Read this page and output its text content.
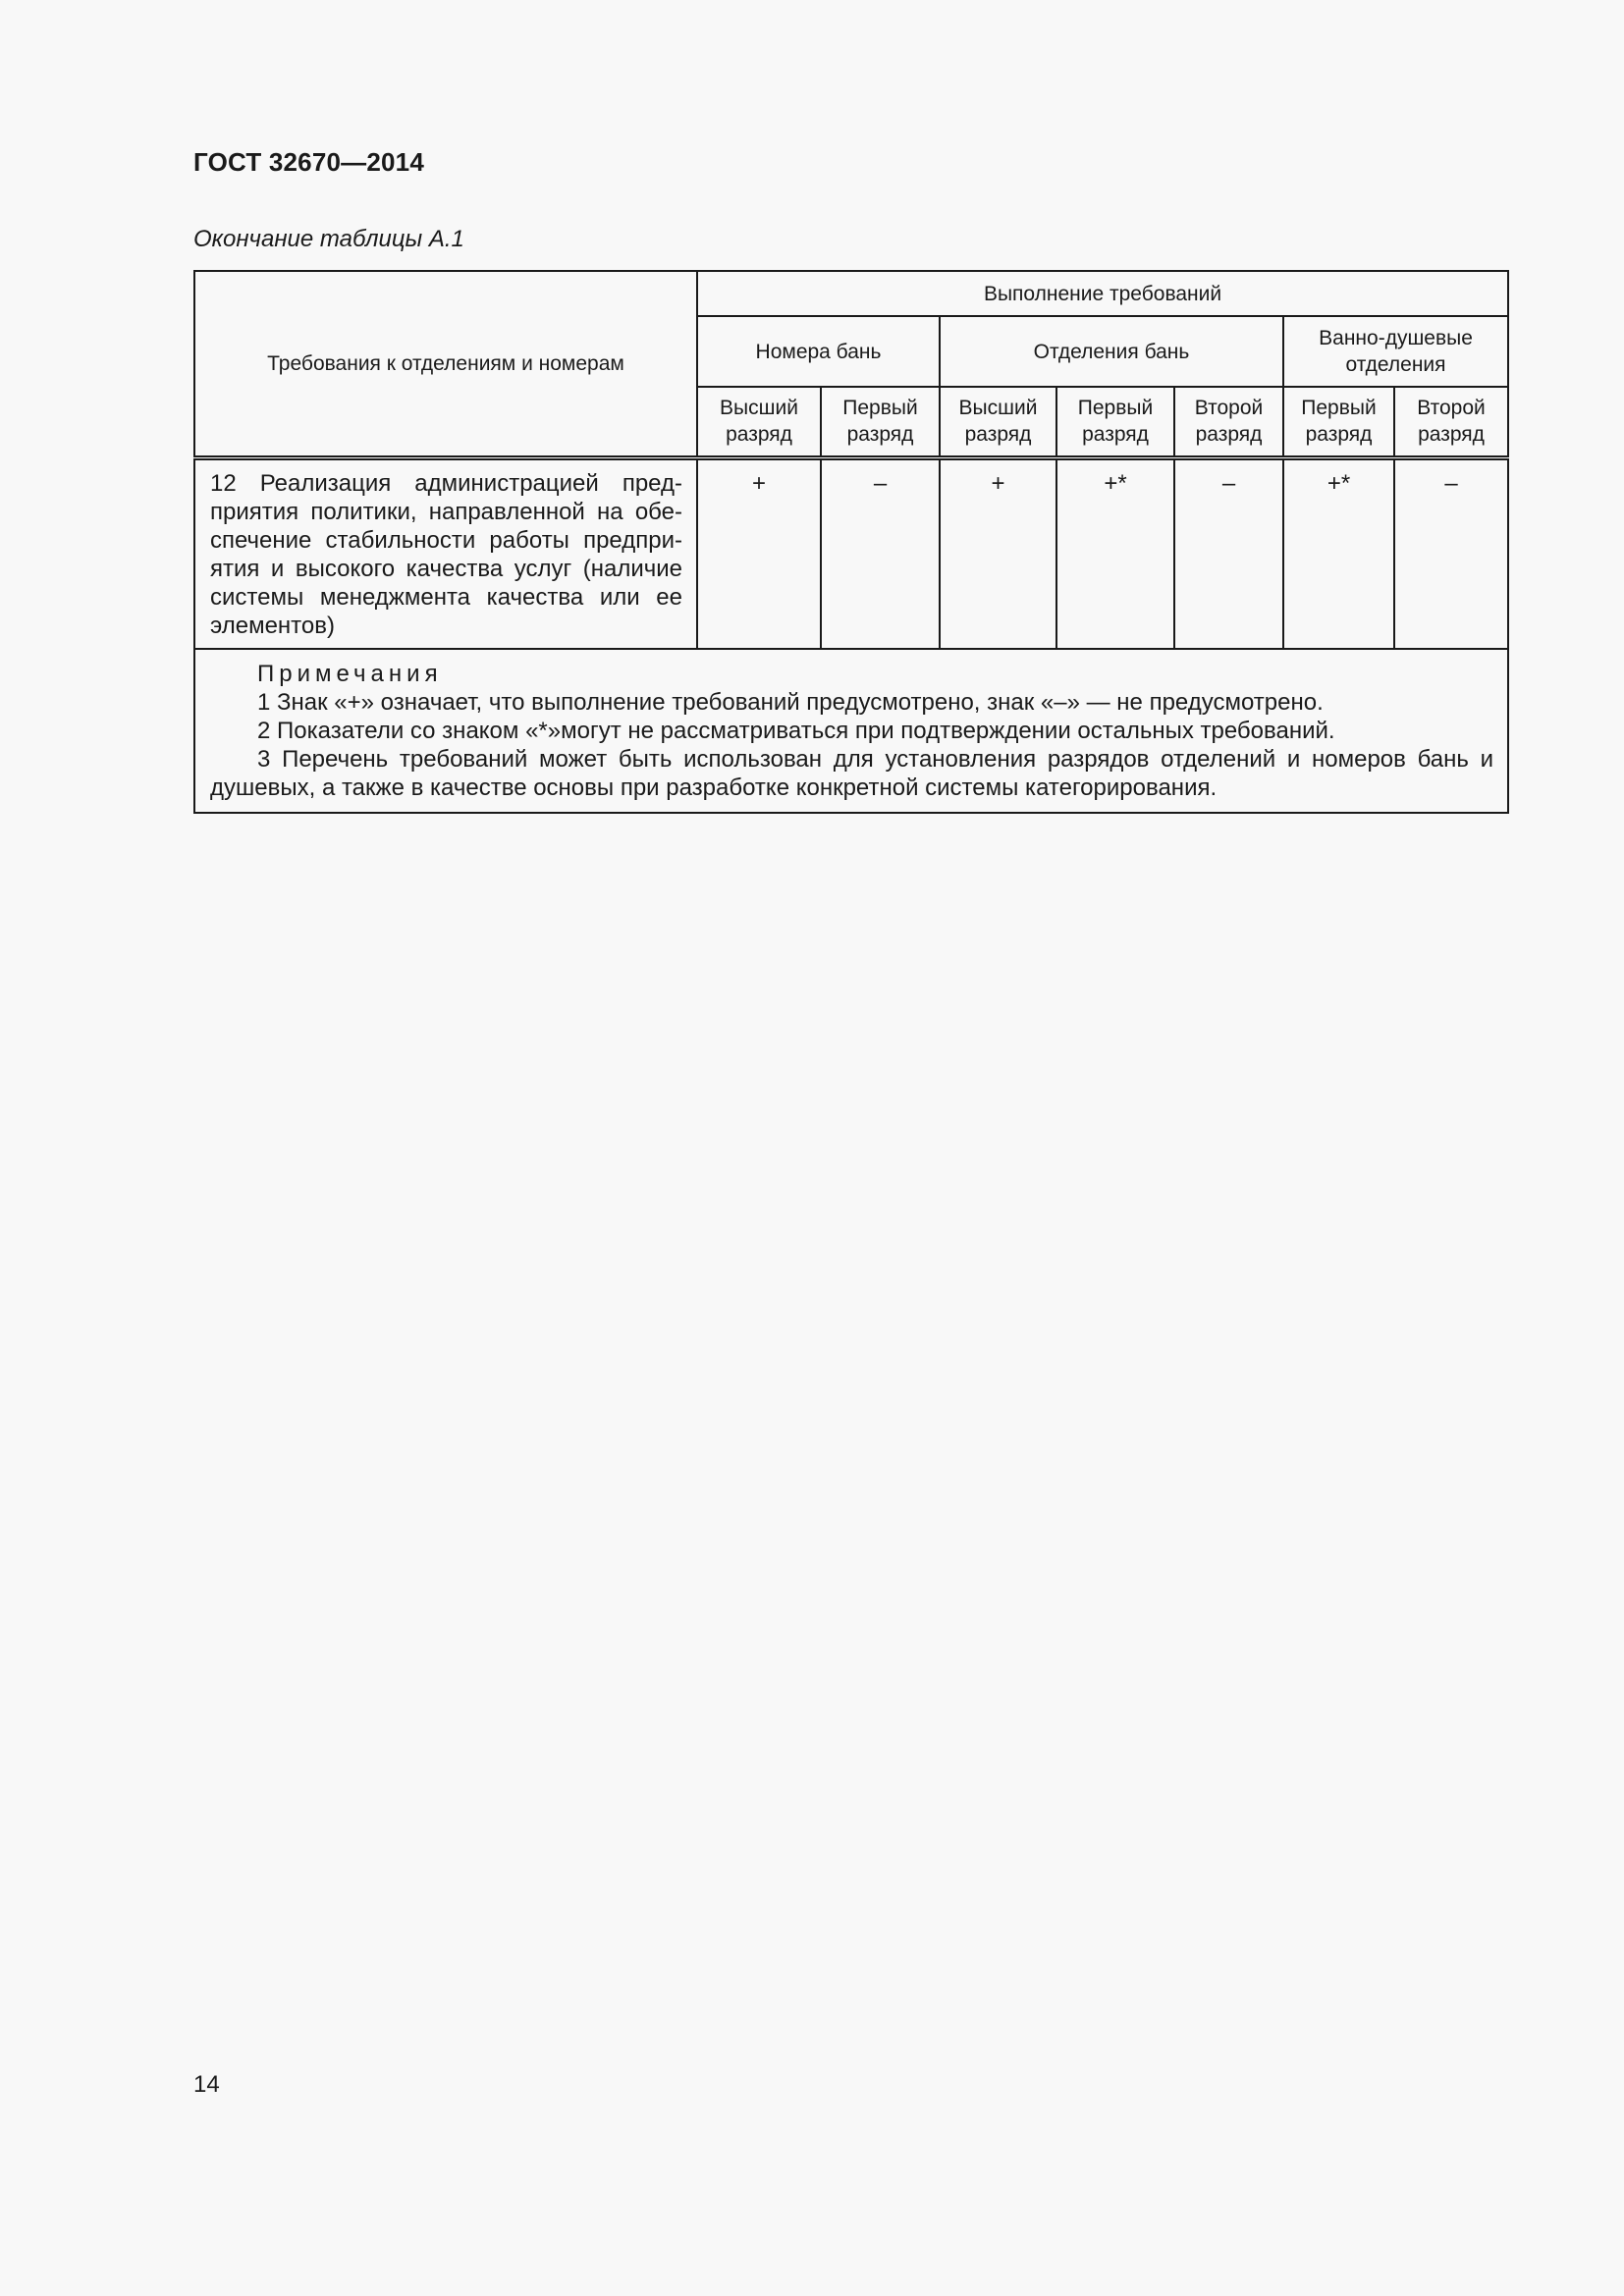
ГОСТ 32670—2014
Окончание таблицы А.1
Требования к отделениям и номерам	Выполнение требований						
	Номера бань		Отделения бань			Ванно-душевые отделения	
	Высший разряд	Первый разряд	Высший разряд	Первый разряд	Второй разряд	Первый разряд	Второй разряд
12 Реализация администрацией предприятия политики, направленной на обеспечение стабильности работы предприятия и высокого качества услуг (наличие системы менеджмента качества или ее элементов)	+	–	+	+*	–	+*	–

Примечания
1 Знак «+» означает, что выполнение требований предусмотрено, знак «–» — не предусмотрено.
2 Показатели со знаком «*»могут не рассматриваться при подтверждении остальных требований.
3 Перечень требований может быть использован для установления разрядов отделений и номеров бань и душевых, а также в качестве основы при разработке конкретной системы категорирования.							
14
